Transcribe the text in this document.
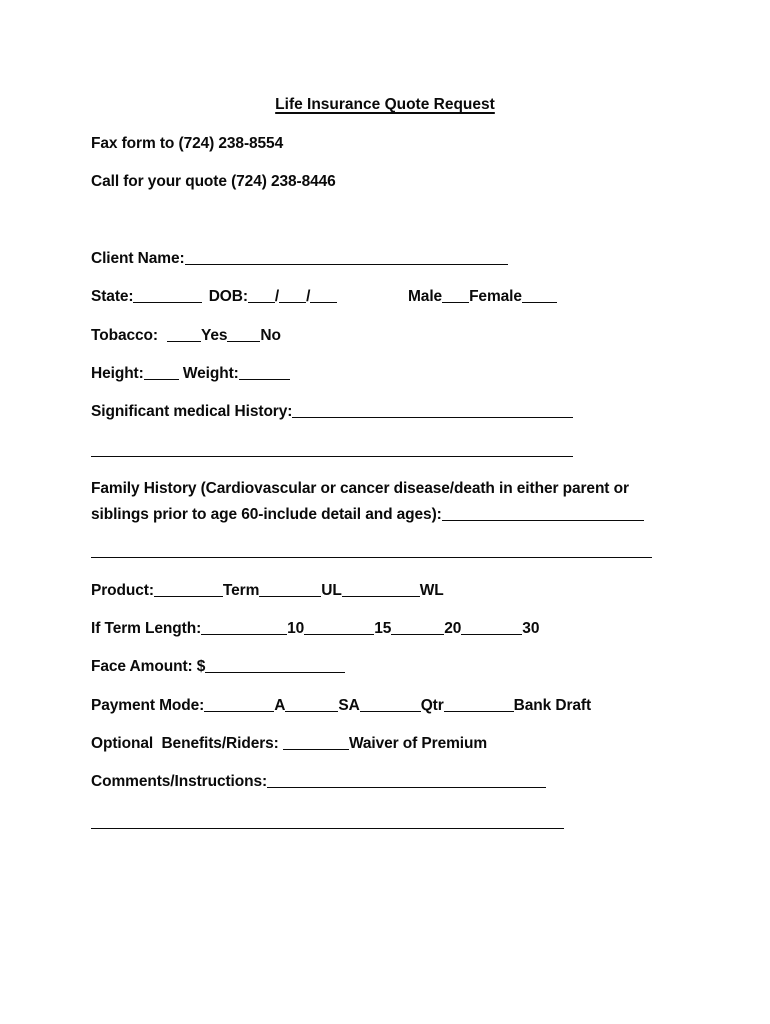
Life Insurance Quote Request
Fax form to (724) 238-8554
Call for your quote (724) 238-8446
Client Name:
State:	DOB: / /	Male Female
Tobacco:	Yes No
Height:	Weight:
Significant medical History:
Family History (Cardiovascular or cancer disease/death in either parent or
siblings prior to age 60-include detail and ages):
Product:	Term	UL	WL
If Term Length:	10	15	20	30
Face Amount: $
Payment Mode:	A	SA	Qtr	Bank Draft
Optional  Benefits/Riders:	Waiver of Premium
Comments/Instructions:
